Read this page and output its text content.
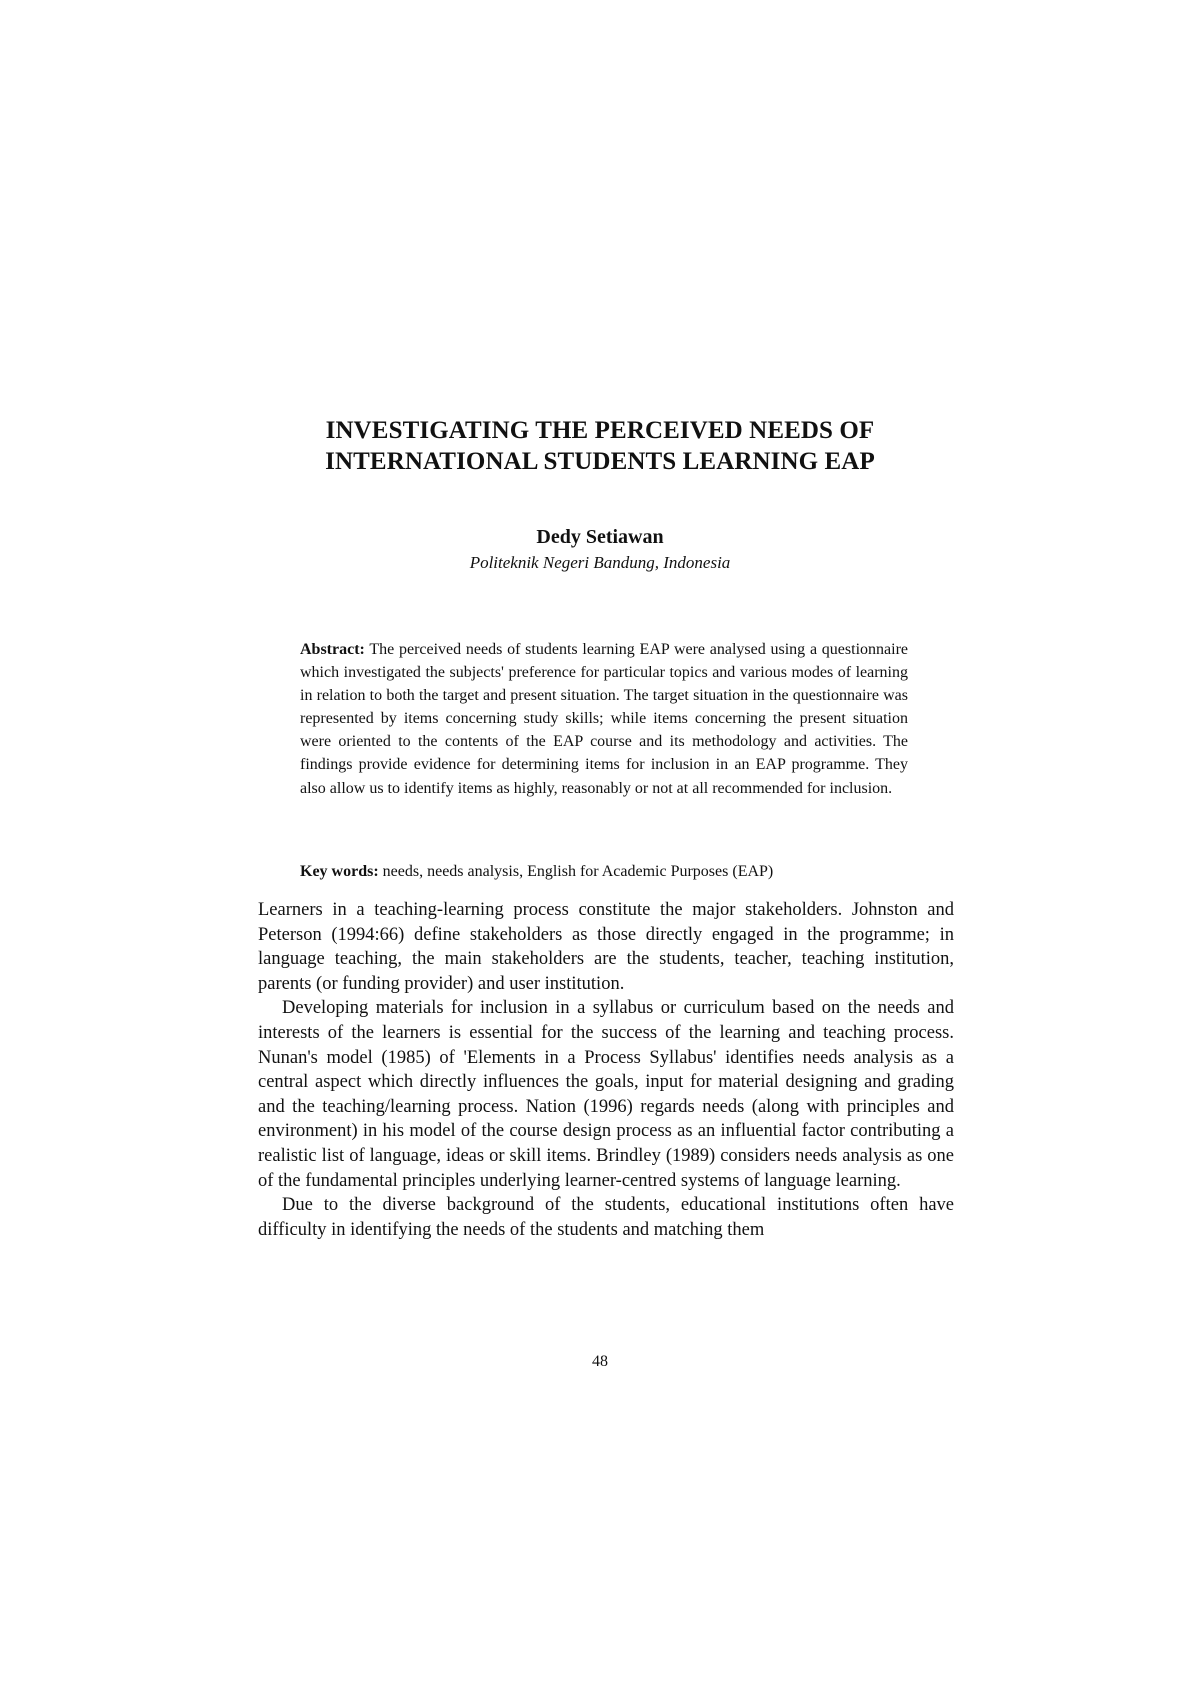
INVESTIGATING THE PERCEIVED NEEDS OF
INTERNATIONAL STUDENTS LEARNING EAP
Dedy Setiawan
Politeknik Negeri Bandung, Indonesia

Abstract: The perceived needs of students learning EAP were analysed using a questionnaire which investigated the subjects' preference for particular topics and various modes of learning in relation to both the target and present situation. The target situation in the questionnaire was represented by items concerning study skills; while items concerning the present situation were oriented to the contents of the EAP course and its methodology and activities. The findings provide evidence for determining items for inclusion in an EAP programme. They also allow us to identify items as highly, reasonably or not at all recommended for inclusion.

Key words: needs, needs analysis, English for Academic Purposes (EAP)

Learners in a teaching-learning process constitute the major stakeholders. Johnston and Peterson (1994:66) define stakeholders as those directly engaged in the programme; in language teaching, the main stakeholders are the students, teacher, teaching institution, parents (or funding provider) and user institution.

Developing materials for inclusion in a syllabus or curriculum based on the needs and interests of the learners is essential for the success of the learning and teaching process. Nunan's model (1985) of 'Elements in a Process Syllabus' identifies needs analysis as a central aspect which directly influences the goals, input for material designing and grading and the teaching/learning process. Nation (1996) regards needs (along with principles and environment) in his model of the course design process as an influential factor contributing a realistic list of language, ideas or skill items. Brindley (1989) considers needs analysis as one of the fundamental principles underlying learner-centred systems of language learning.

Due to the diverse background of the students, educational institutions often have difficulty in identifying the needs of the students and matching them

48
